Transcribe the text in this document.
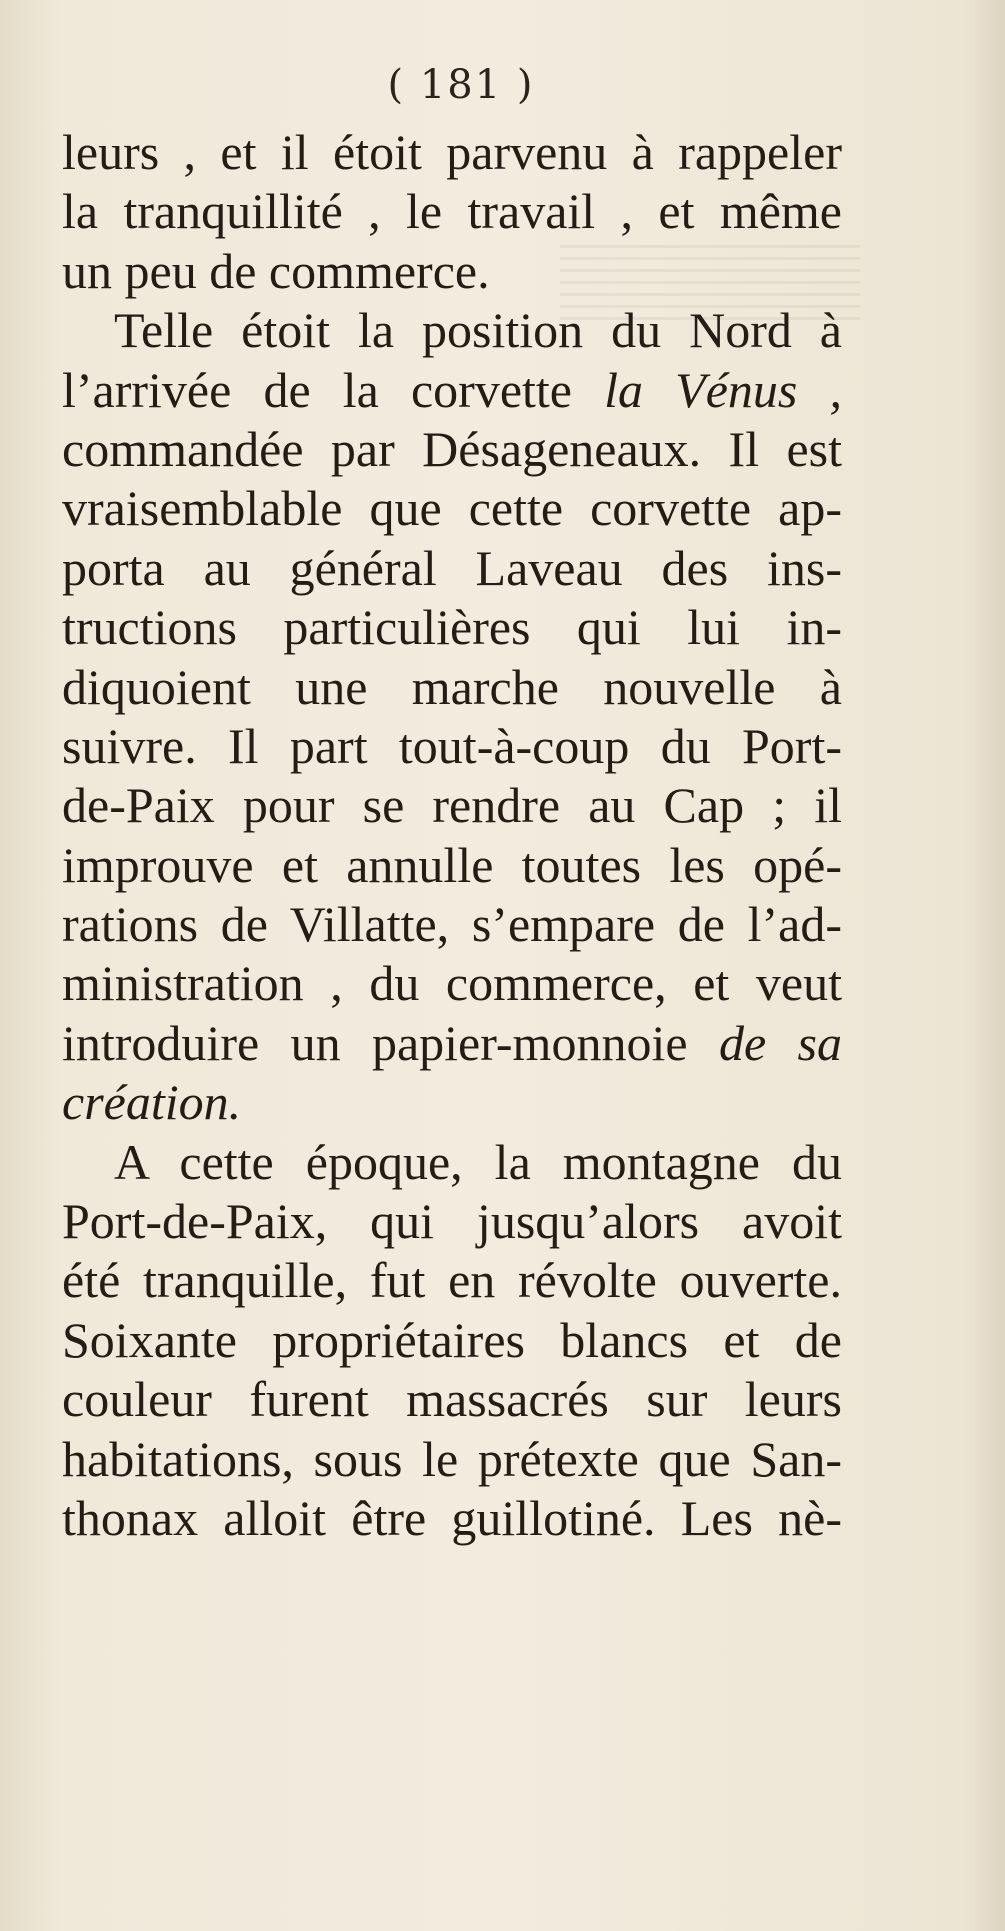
( 181 )
leurs , et il étoit parvenu à rappeler
la tranquillité , le travail , et même
un peu de commerce.
Telle étoit la position du Nord à
l’arrivée de la corvette la Vénus ,
commandée par Désageneaux. Il est
vraisemblable que cette corvette ap-
porta au général Laveau des ins-
tructions particulières qui lui in-
diquoient une marche nouvelle à
suivre. Il part tout-à-coup du Port-
de-Paix pour se rendre au Cap ; il
improuve et annulle toutes les opé-
rations de Villatte, s’empare de l’ad-
ministration , du commerce, et veut
introduire un papier-monnoie de sa
création.
A cette époque, la montagne du
Port-de-Paix, qui jusqu’alors avoit
été tranquille, fut en révolte ouverte.
Soixante propriétaires blancs et de
couleur furent massacrés sur leurs
habitations, sous le prétexte que San-
thonax alloit être guillotiné. Les nè-
